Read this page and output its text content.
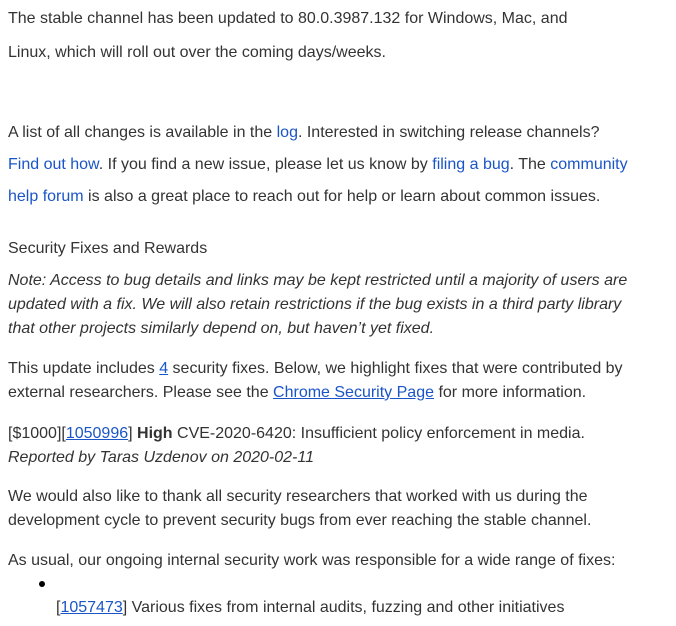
The stable channel has been updated to 80.0.3987.132 for Windows, Mac, and

Linux, which will roll out over the coming days/weeks.

A list of all changes is available in the log. Interested in switching release channels?

Find out how. If you find a new issue, please let us know by filing a bug. The community

help forum is also a great place to reach out for help or learn about common issues.

Security Fixes and Rewards

Note: Access to bug details and links may be kept restricted until a majority of users are

updated with a fix. We will also retain restrictions if the bug exists in a third party library

that other projects similarly depend on, but haven’t yet fixed.

This update includes 4 security fixes. Below, we highlight fixes that were contributed by

external researchers. Please see the Chrome Security Page for more information.

[$1000][1050996] High CVE-2020-6420: Insufficient policy enforcement in media.

Reported by Taras Uzdenov on 2020-02-11

We would also like to thank all security researchers that worked with us during the

development cycle to prevent security bugs from ever reaching the stable channel.

As usual, our ongoing internal security work was responsible for a wide range of fixes:

[1057473] Various fixes from internal audits, fuzzing and other initiatives
